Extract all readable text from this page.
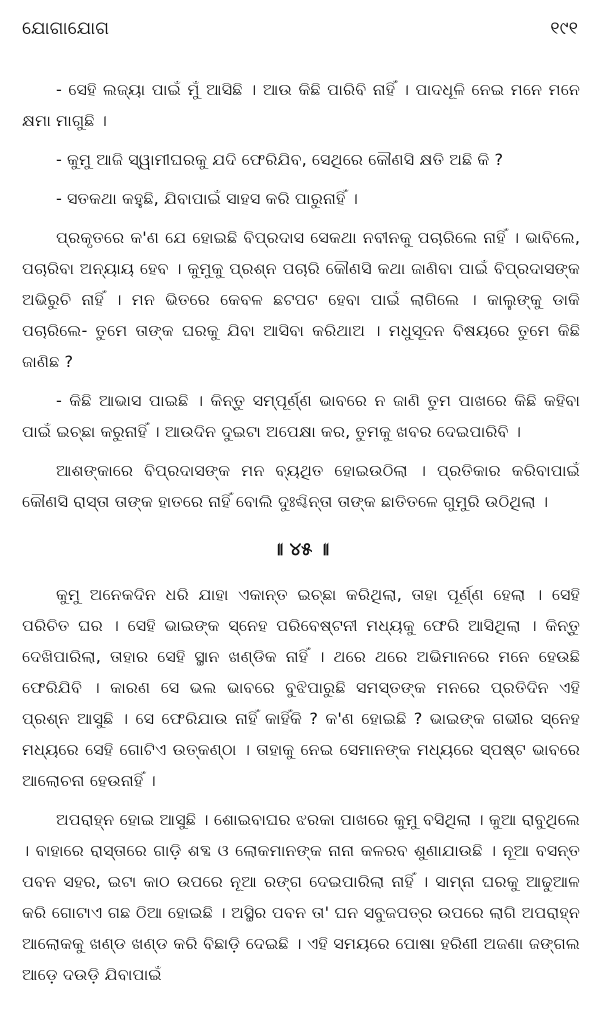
ଯୋଗାଯୋଗ	୧୯୧

- ସେହି ଲଜ୍ୟା ପାଇଁ ମୁଁ ଆସିଛି । ଆଉ କିଛି ପାରିବି ନାହିଁ । ପାଦଧୂଳି ନେଇ ମନେ ମନେ କ୍ଷମା ମାଗୁଛି ।

- କୁମୁ ଆଜି ସ୍ୱାମୀଘରକୁ ଯଦି ଫେରିଯିବ, ସେଥିରେ କୌଣସି କ୍ଷତି ଅଛି କି ?

- ସତକଥା କହୁଛି, ଯିବାପାଇଁ ସାହସ କରି ପାରୁନାହିଁ ।

ପ୍ରକୃତରେ କ'ଣ ଯେ ହୋଇଛି ବିପ୍ରଦାସ ସେକଥା ନବୀନକୁ ପଚାରିଲେ ନାହିଁ । ଭାବିଲେ, ପଚାରିବା ଅନ୍ୟାୟ ହେବ । କୁମୁକୁ ପ୍ରଶ୍ନ ପଚାରି କୌଣସି କଥା ଜାଣିବା ପାଇଁ ବିପ୍ରଦାସଙ୍କ ଅଭିରୁଚି ନାହିଁ । ମନ ଭିତରେ କେବଳ ଛଟପଟ ହେବା ପାଇଁ ଲାଗିଲେ । କାଲୁଙ୍କୁ ଡାକି ପଚାରିଲେ- ତୁମେ ତାଙ୍କ ଘରକୁ ଯିବା ଆସିବା କରିଥାଅ । ମଧୁସୂଦନ ବିଷୟରେ ତୁମେ କିଛି ଜାଣିଛ ?

- କିଛି ଆଭାସ ପାଇଛି । କିନ୍ତୁ ସମ୍ପୂର୍ଣ୍ଣ ଭାବରେ ନ ଜାଣି ତୁମ ପାଖରେ କିଛି କହିବା ପାଇଁ ଇଚ୍ଛା କରୁନାହିଁ । ଆଉଦିନ ଦୁଇଟା ଅପେକ୍ଷା କର, ତୁମକୁ ଖବର ଦେଇପାରିବି ।

ଆଶଙ୍କାରେ ବିପ୍ରଦାସଙ୍କ ମନ ବ୍ୟଥିତ ହୋଇଉଠିଲା । ପ୍ରତିକାର କରିବାପାଇଁ କୌଣସି ରାସ୍ତା ତାଙ୍କ ହାତରେ ନାହିଁ ବୋଲି ଦୁଃଶ୍ଚିନ୍ତା ତାଙ୍କ ଛାତିତଳେ ଗୁମୁରି ଉଠିଥିଲା ।

॥ ୪୫ ॥

କୁମୁ ଅନେକଦିନ ଧରି ଯାହା ଏକାନ୍ତ ଇଚ୍ଛା କରିଥିଲା, ତାହା ପୂର୍ଣ୍ଣ ହେଲା । ସେହି ପରିଚିତ ଘର । ସେହି ଭାଇଙ୍କ ସ୍ନେହ ପରିବେଷ୍ଟନୀ ମଧ୍ୟକୁ ଫେରି ଆସିଥିଲା । କିନ୍ତୁ ଦେଖିପାରିଲା, ତାହାର ସେହି ସ୍ଥାନ ଖଣ୍ଡିକ ନାହିଁ । ଥରେ ଥରେ ଅଭିମାନରେ ମନେ ହେଉଛି ଫେରିଯିବି । କାରଣ ସେ ଭଲ ଭାବରେ ବୁଝିପାରୁଛି ସମସ୍ତଙ୍କ ମନରେ ପ୍ରତିଦିନ ଏହି ପ୍ରଶ୍ନ ଆସୁଛି । ସେ ଫେରିଯାଉ ନାହିଁ କାହିଁକି ? କ'ଣ ହୋଇଛି ? ଭାଇଙ୍କ ଗଭୀର ସ୍ନେହ ମଧ୍ୟରେ ସେହି ଗୋଟିଏ ଉତ୍କଣ୍ଠା । ତାହାକୁ ନେଇ ସେମାନଙ୍କ ମଧ୍ୟରେ ସ୍ପଷ୍ଟ ଭାବରେ ଆଲୋଚନା ହେଉନାହିଁ ।

ଅପରାହ୍ନ ହୋଇ ଆସୁଛି । ଶୋଇବାଘର ଝରକା ପାଖରେ କୁମୁ ବସିଥିଲା । କୁଆ ରାବୁଥିଲେ । ବାହାରେ ରାସ୍ତାରେ ଗାଡ଼ି ଶବ୍ଦ ଓ ଲୋକମାନଙ୍କ ନାନା କଳରବ ଶୁଣାଯାଉଛି । ନୂଆ ବସନ୍ତ ପବନ ସହର, ଇଟା କାଠ ଉପରେ ନୂଆ ରଙ୍ଗ ଦେଇପାରିଲା ନାହିଁ । ସାମ୍ନା ଘରକୁ ଆଢୁଆଳ କରି ଗୋଟାଏ ଗଛ ଠିଆ ହୋଇଛି । ଅସ୍ଥିର ପବନ ତା' ଘନ ସବୁଜପତ୍ର ଉପରେ ଲାଗି ଅପରାହ୍ନ ଆଲୋକକୁ ଖଣ୍ଡ ଖଣ୍ଡ କରି ବିଛାଡ଼ି ଦେଇଛି । ଏହି ସମୟରେ ପୋଷା ହରିଣୀ ଅଜଣା ଜଙ୍ଗଲ ଆଡ଼େ ଦଉଡ଼ି ଯିବାପାଇଁ
